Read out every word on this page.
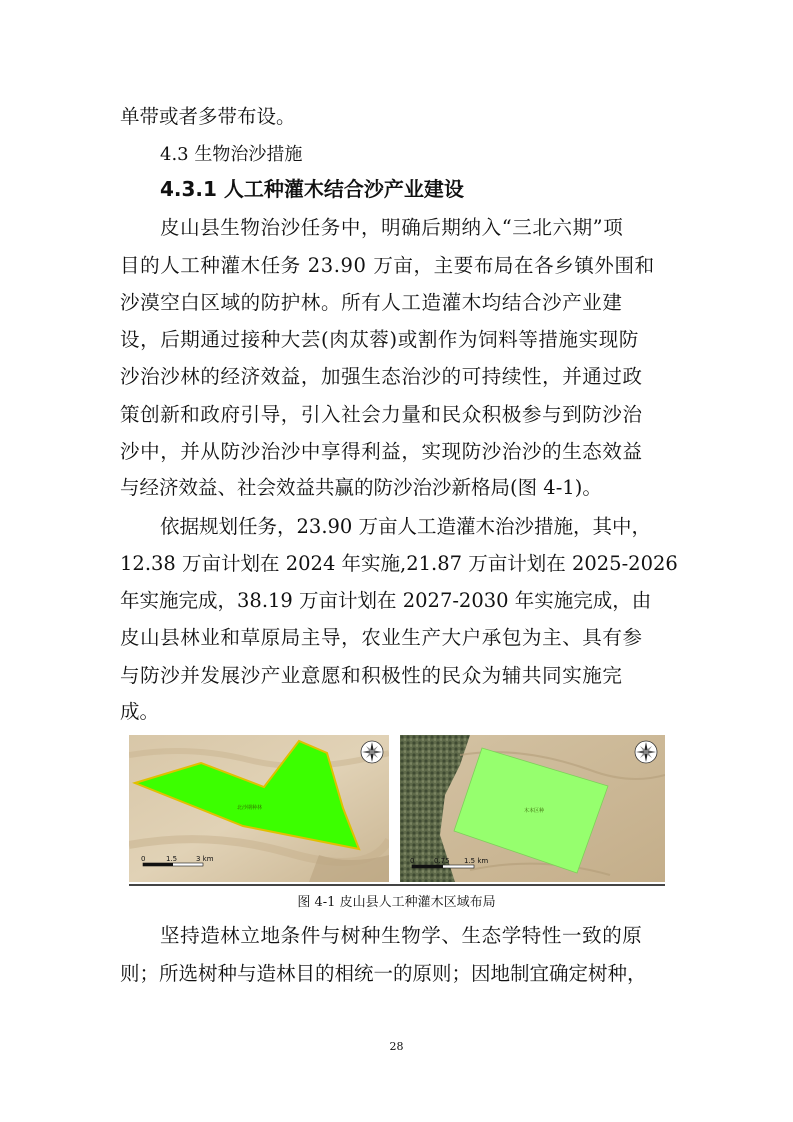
单带或者多带布设。
4.3 生物治沙措施
4.3.1 人工种灌木结合沙产业建设
皮山县生物治沙任务中，明确后期纳入“三北六期”项
目的人工种灌木任务 23.90 万亩，主要布局在各乡镇外围和
沙漠空白区域的防护林。所有人工造灌木均结合沙产业建
设，后期通过接种大芸(肉苁蓉)或割作为饲料等措施实现防
沙治沙林的经济效益，加强生态治沙的可持续性，并通过政
策创新和政府引导，引入社会力量和民众积极参与到防沙治
沙中，并从防沙治沙中享得利益，实现防沙治沙的生态效益
与经济效益、社会效益共赢的防沙治沙新格局(图 4-1)。
依据规划任务，23.90 万亩人工造灌木治沙措施，其中，
12.38 万亩计划在 2024 年实施,21.87 万亩计划在 2025-2026
年实施完成，38.19 万亩计划在 2027-2030 年实施完成，由
皮山县林业和草原局主导，农业生产大户承包为主、具有参
与防沙并发展沙产业意愿和积极性的民众为辅共同实施完
成。
北沙期种林
0	1.5	3 km
木本区种
0	0.75 1.5 km
图 4-1 皮山县人工种灌木区域布局
坚持造林立地条件与树种生物学、生态学特性一致的原
则；所选树种与造林目的相统一的原则；因地制宜确定树种，
28
